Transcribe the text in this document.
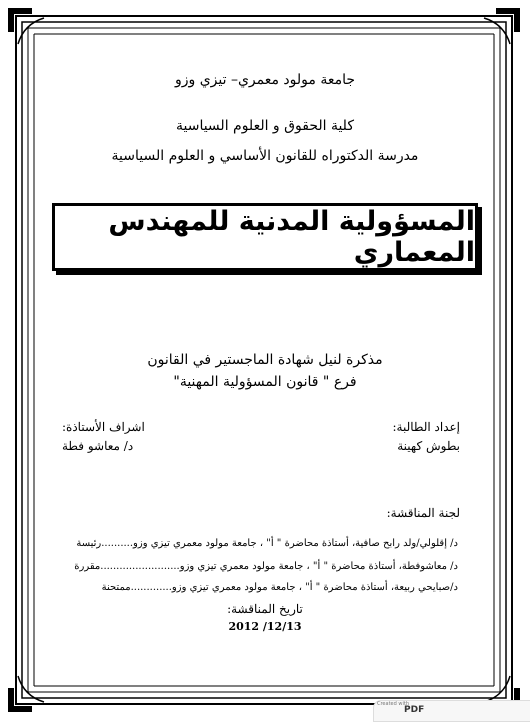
جامعة مولود معمري– تيزي وزو
كلية الحقوق و العلوم السياسية
مدرسة الدكتوراه للقانون الأساسي و العلوم السياسية
المسؤولية المدنية للمهندس المعماري
مذكرة لنيل شهادة الماجستير في القانون
فرع " قانون المسؤولية المهنية"
إعداد الطالبة:
بطوش كهينة
اشراف الأستاذة:
د/ معاشو فطة
لجنة المناقشة:
د/ إقلولي/ولد رابح صافية، أستاذة محاضرة " أ" ، جامعة مولود معمري تيزي وزو..........رئيسة
د/ معاشوفطة، أستاذة محاضرة " أ" ، جامعة مولود معمري تيزي وزو.........................مقررة
د/صبايحي ربيعة، أستاذة محاضرة " أ" ، جامعة مولود معمري تيزي وزو.............ممتحنة
تاريخ المناقشة:
2012 /12/13
Created with
PDF
